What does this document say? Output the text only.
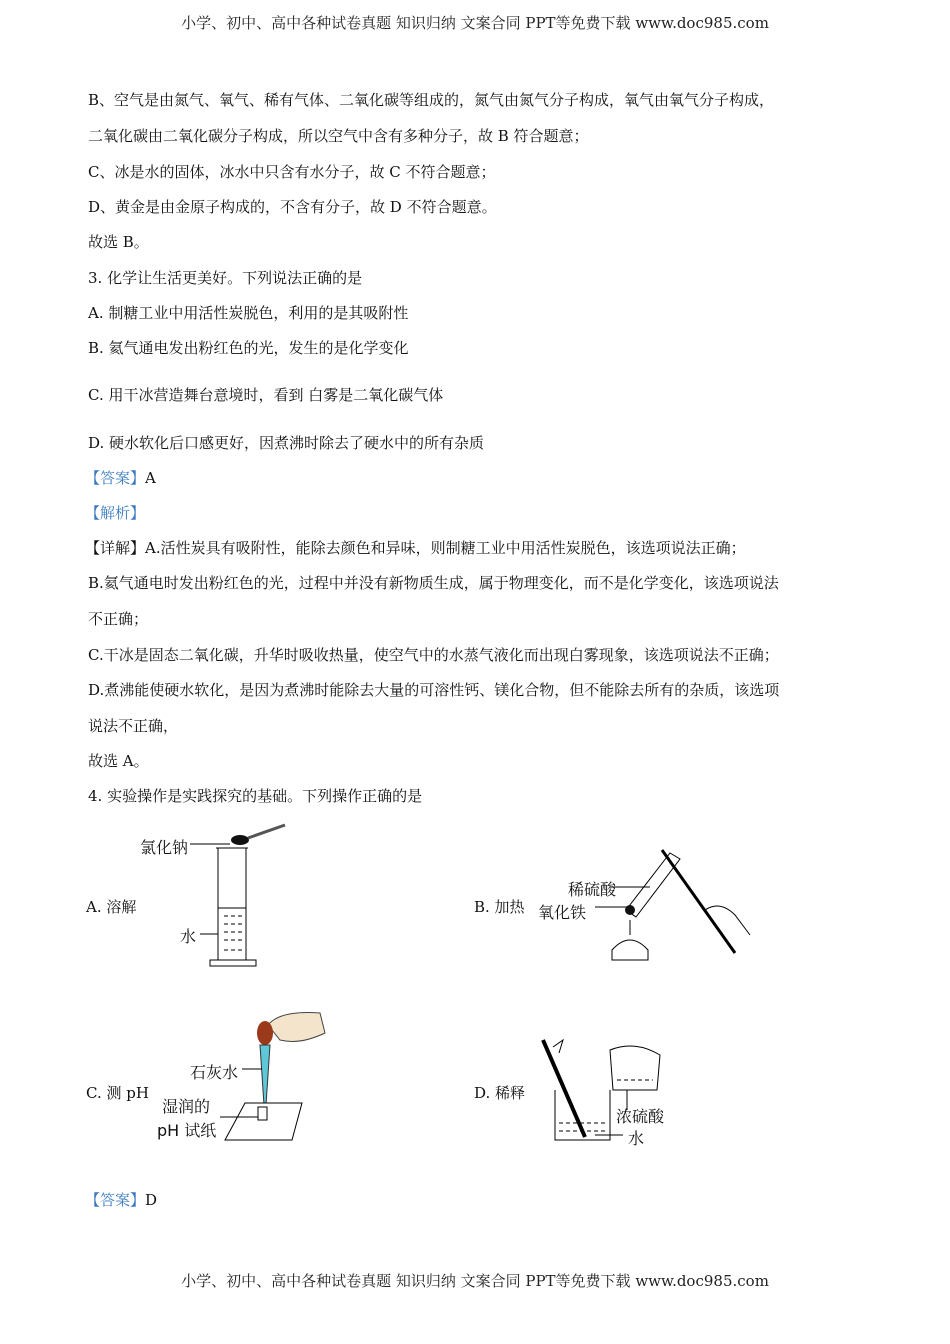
小学、初中、高中各种试卷真题 知识归纳 文案合同 PPT等免费下载 www.doc985.com
B、空气是由氮气、氧气、稀有气体、二氧化碳等组成的，氮气由氮气分子构成，氧气由氧气分子构成，
二氧化碳由二氧化碳分子构成，所以空气中含有多种分子，故 B 符合题意；
C、冰是水的固体，冰水中只含有水分子，故 C 不符合题意；
D、黄金是由金原子构成的，不含有分子，故 D 不符合题意。
故选 B。
3. 化学让生活更美好。下列说法正确的是
A. 制糖工业中用活性炭脱色，利用的是其吸附性
B. 氦气通电发出粉红色的光，发生的是化学变化
C. 用干冰营造舞台意境时，看到 白雾是二氧化碳气体
D. 硬水软化后口感更好，因煮沸时除去了硬水中的所有杂质
【答案】A
【解析】
【详解】A.活性炭具有吸附性，能除去颜色和异味，则制糖工业中用活性炭脱色，该选项说法正确；
B.氦气通电时发出粉红色的光，过程中并没有新物质生成，属于物理变化，而不是化学变化，该选项说法
不正确；
C.干冰是固态二氧化碳，升华时吸收热量，使空气中的水蒸气液化而出现白雾现象，该选项说法不正确；
D.煮沸能使硬水软化，是因为煮沸时能除去大量的可溶性钙、镁化合物，但不能除去所有的杂质，该选项
说法不正确，
故选 A。
4. 实验操作是实践探究的基础。下列操作正确的是
A. 溶解
氯化钠
水
B. 加热
稀硫酸
氧化铁
C. 测 pH
石灰水
湿润的
pH 试纸
D. 稀释
浓硫酸
水
【答案】D
小学、初中、高中各种试卷真题 知识归纳 文案合同 PPT等免费下载 www.doc985.com
